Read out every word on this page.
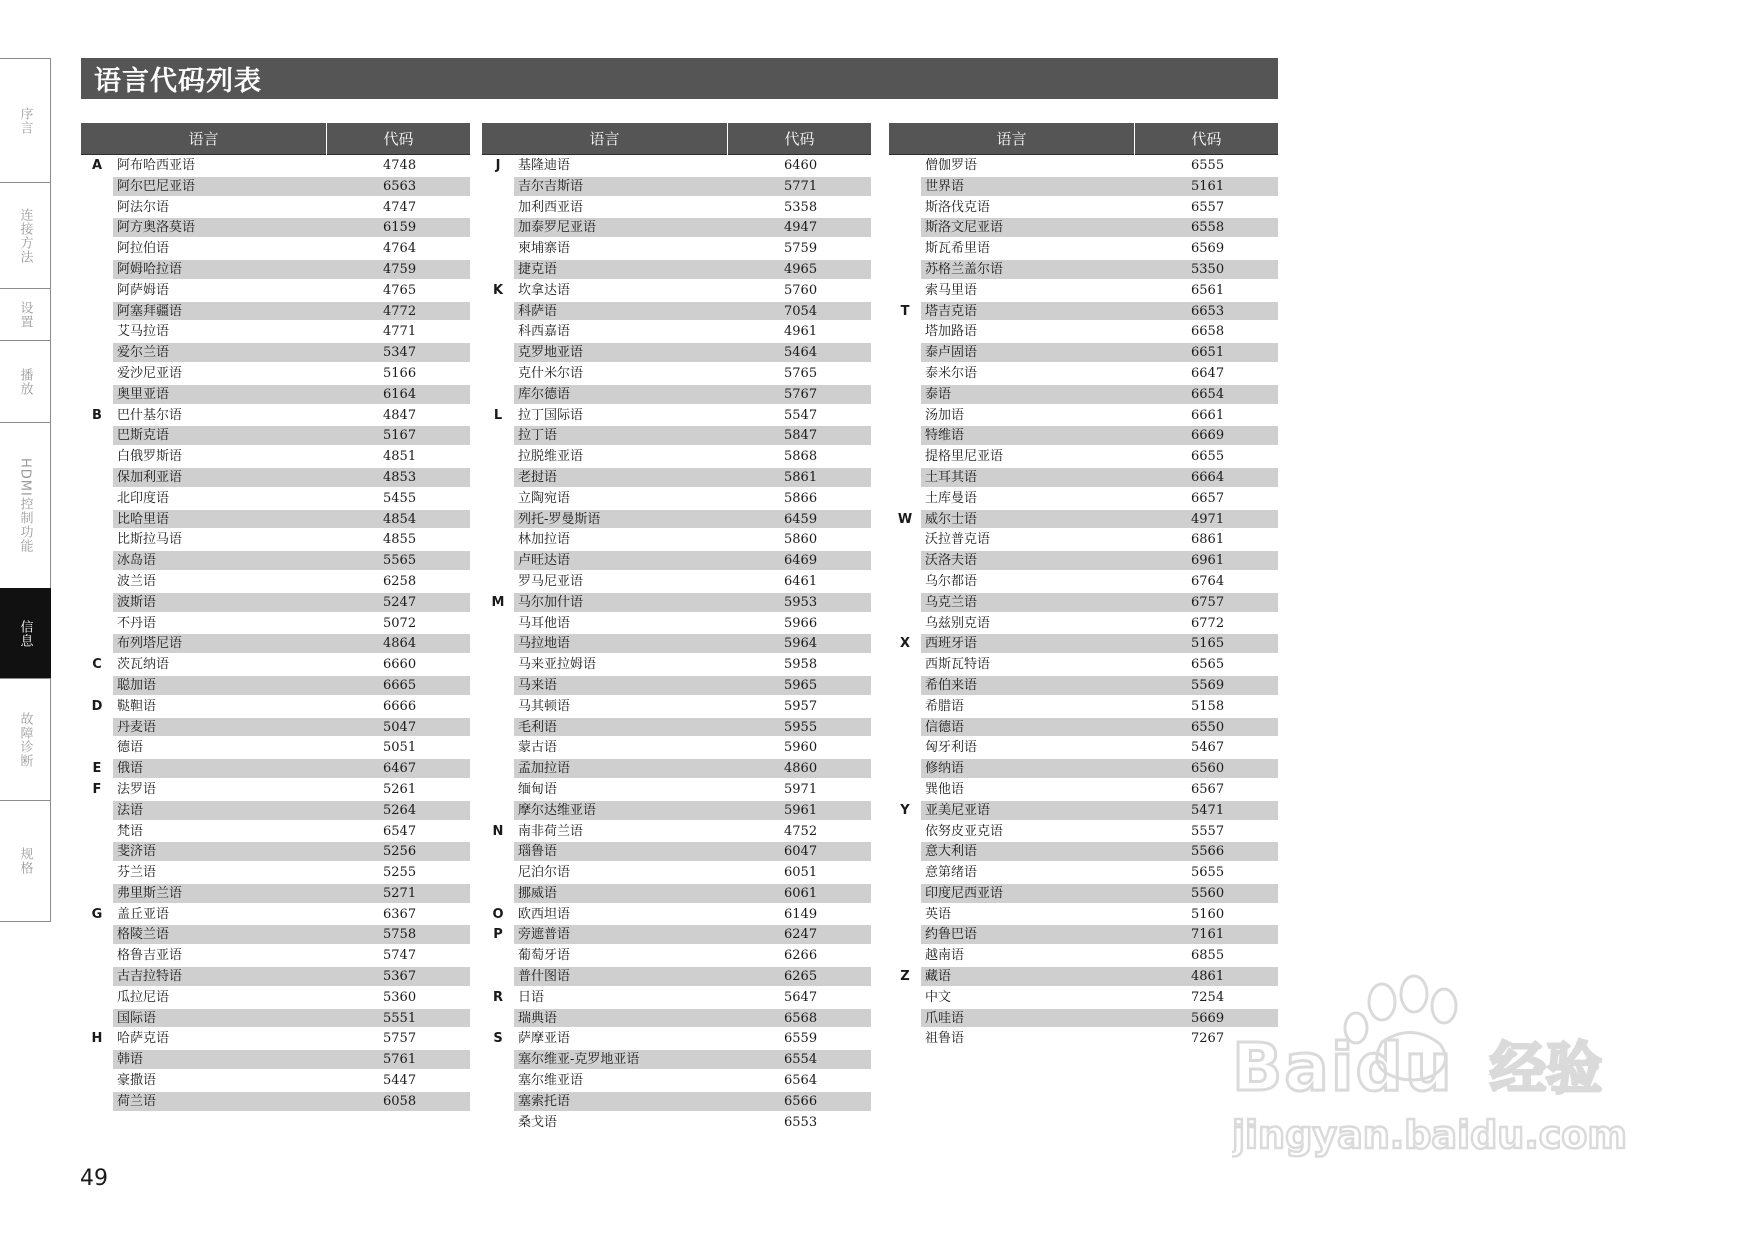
序言
连接方法
设置
播放
HDMI控制功能
信息
故障诊断
规格
语言代码列表
语言	代码
A	阿布哈西亚语	4748
阿尔巴尼亚语	6563
阿法尔语	4747
阿方奥洛莫语	6159
阿拉伯语	4764
阿姆哈拉语	4759
阿萨姆语	4765
阿塞拜疆语	4772
艾马拉语	4771
爱尔兰语	5347
爱沙尼亚语	5166
奥里亚语	6164
B	巴什基尔语	4847
巴斯克语	5167
白俄罗斯语	4851
保加利亚语	4853
北印度语	5455
比哈里语	4854
比斯拉马语	4855
冰岛语	5565
波兰语	6258
波斯语	5247
不丹语	5072
布列塔尼语	4864
C	茨瓦纳语	6660
聪加语	6665
D	鞑靼语	6666
丹麦语	5047
德语	5051
E	俄语	6467
F	法罗语	5261
法语	5264
梵语	6547
斐济语	5256
芬兰语	5255
弗里斯兰语	5271
G	盖丘亚语	6367
格陵兰语	5758
格鲁吉亚语	5747
古吉拉特语	5367
瓜拉尼语	5360
国际语	5551
H	哈萨克语	5757
韩语	5761
豪撒语	5447
荷兰语	6058
语言	代码
J	基隆迪语	6460
吉尔吉斯语	5771
加利西亚语	5358
加泰罗尼亚语	4947
柬埔寨语	5759
捷克语	4965
K	坎拿达语	5760
科萨语	7054
科西嘉语	4961
克罗地亚语	5464
克什米尔语	5765
库尔德语	5767
L	拉丁国际语	5547
拉丁语	5847
拉脱维亚语	5868
老挝语	5861
立陶宛语	5866
列托-罗曼斯语	6459
林加拉语	5860
卢旺达语	6469
罗马尼亚语	6461
M	马尔加什语	5953
马耳他语	5966
马拉地语	5964
马来亚拉姆语	5958
马来语	5965
马其顿语	5957
毛利语	5955
蒙古语	5960
孟加拉语	4860
缅甸语	5971
摩尔达维亚语	5961
N	南非荷兰语	4752
瑙鲁语	6047
尼泊尔语	6051
挪威语	6061
O	欧西坦语	6149
P	旁遮普语	6247
葡萄牙语	6266
普什图语	6265
R	日语	5647
瑞典语	6568
S	萨摩亚语	6559
塞尔维亚-克罗地亚语	6554
塞尔维亚语	6564
塞索托语	6566
桑戈语	6553
语言	代码
僧伽罗语	6555
世界语	5161
斯洛伐克语	6557
斯洛文尼亚语	6558
斯瓦希里语	6569
苏格兰盖尔语	5350
索马里语	6561
T	塔吉克语	6653
塔加路语	6658
泰卢固语	6651
泰米尔语	6647
泰语	6654
汤加语	6661
特维语	6669
提格里尼亚语	6655
土耳其语	6664
土库曼语	6657
W 威尔士语	4971
沃拉普克语	6861
沃洛夫语	6961
乌尔都语	6764
乌克兰语	6757
乌兹别克语	6772
X	西班牙语	5165
西斯瓦特语	6565
希伯来语	5569
希腊语	5158
信德语	6550
匈牙利语	5467
修纳语	6560
巽他语	6567
Y	亚美尼亚语	5471
依努皮亚克语	5557
意大利语	5566
意第绪语	5655
印度尼西亚语	5560
英语	5160
约鲁巴语	7161
越南语	6855
Z	藏语	4861
中文	7254
爪哇语	5669
祖鲁语	7267
49
Baidu 经验
jingyan.baidu.com
